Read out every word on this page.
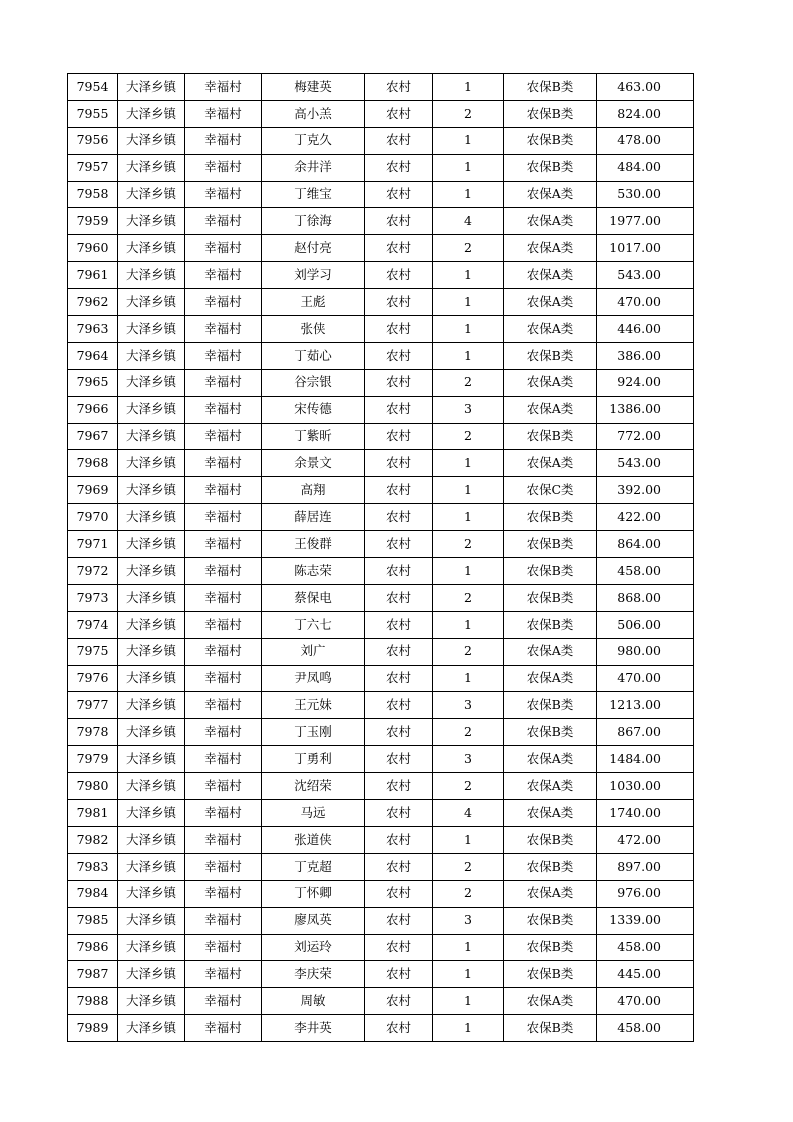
7954	大泽乡镇	幸福村	梅建英	农村	1	农保B类	463.00
7955	大泽乡镇	幸福村	高小羔	农村	2	农保B类	824.00
7956	大泽乡镇	幸福村	丁克久	农村	1	农保B类	478.00
7957	大泽乡镇	幸福村	余井洋	农村	1	农保B类	484.00
7958	大泽乡镇	幸福村	丁维宝	农村	1	农保A类	530.00
7959	大泽乡镇	幸福村	丁徐海	农村	4	农保A类	1977.00
7960	大泽乡镇	幸福村	赵付亮	农村	2	农保A类	1017.00
7961	大泽乡镇	幸福村	刘学习	农村	1	农保A类	543.00
7962	大泽乡镇	幸福村	王彪	农村	1	农保A类	470.00
7963	大泽乡镇	幸福村	张侠	农村	1	农保A类	446.00
7964	大泽乡镇	幸福村	丁茹心	农村	1	农保B类	386.00
7965	大泽乡镇	幸福村	谷宗银	农村	2	农保A类	924.00
7966	大泽乡镇	幸福村	宋传德	农村	3	农保A类	1386.00
7967	大泽乡镇	幸福村	丁紫昕	农村	2	农保B类	772.00
7968	大泽乡镇	幸福村	余景文	农村	1	农保A类	543.00
7969	大泽乡镇	幸福村	高翔	农村	1	农保C类	392.00
7970	大泽乡镇	幸福村	薛居连	农村	1	农保B类	422.00
7971	大泽乡镇	幸福村	王俊群	农村	2	农保B类	864.00
7972	大泽乡镇	幸福村	陈志荣	农村	1	农保B类	458.00
7973	大泽乡镇	幸福村	蔡保电	农村	2	农保B类	868.00
7974	大泽乡镇	幸福村	丁六七	农村	1	农保B类	506.00
7975	大泽乡镇	幸福村	刘广	农村	2	农保A类	980.00
7976	大泽乡镇	幸福村	尹凤鸣	农村	1	农保A类	470.00
7977	大泽乡镇	幸福村	王元妹	农村	3	农保B类	1213.00
7978	大泽乡镇	幸福村	丁玉刚	农村	2	农保B类	867.00
7979	大泽乡镇	幸福村	丁勇利	农村	3	农保A类	1484.00
7980	大泽乡镇	幸福村	沈绍荣	农村	2	农保A类	1030.00
7981	大泽乡镇	幸福村	马远	农村	4	农保A类	1740.00
7982	大泽乡镇	幸福村	张道侠	农村	1	农保B类	472.00
7983	大泽乡镇	幸福村	丁克超	农村	2	农保B类	897.00
7984	大泽乡镇	幸福村	丁怀卿	农村	2	农保A类	976.00
7985	大泽乡镇	幸福村	廖凤英	农村	3	农保B类	1339.00
7986	大泽乡镇	幸福村	刘运玲	农村	1	农保B类	458.00
7987	大泽乡镇	幸福村	李庆荣	农村	1	农保B类	445.00
7988	大泽乡镇	幸福村	周敏	农村	1	农保A类	470.00
7989	大泽乡镇	幸福村	李井英	农村	1	农保B类	458.00
